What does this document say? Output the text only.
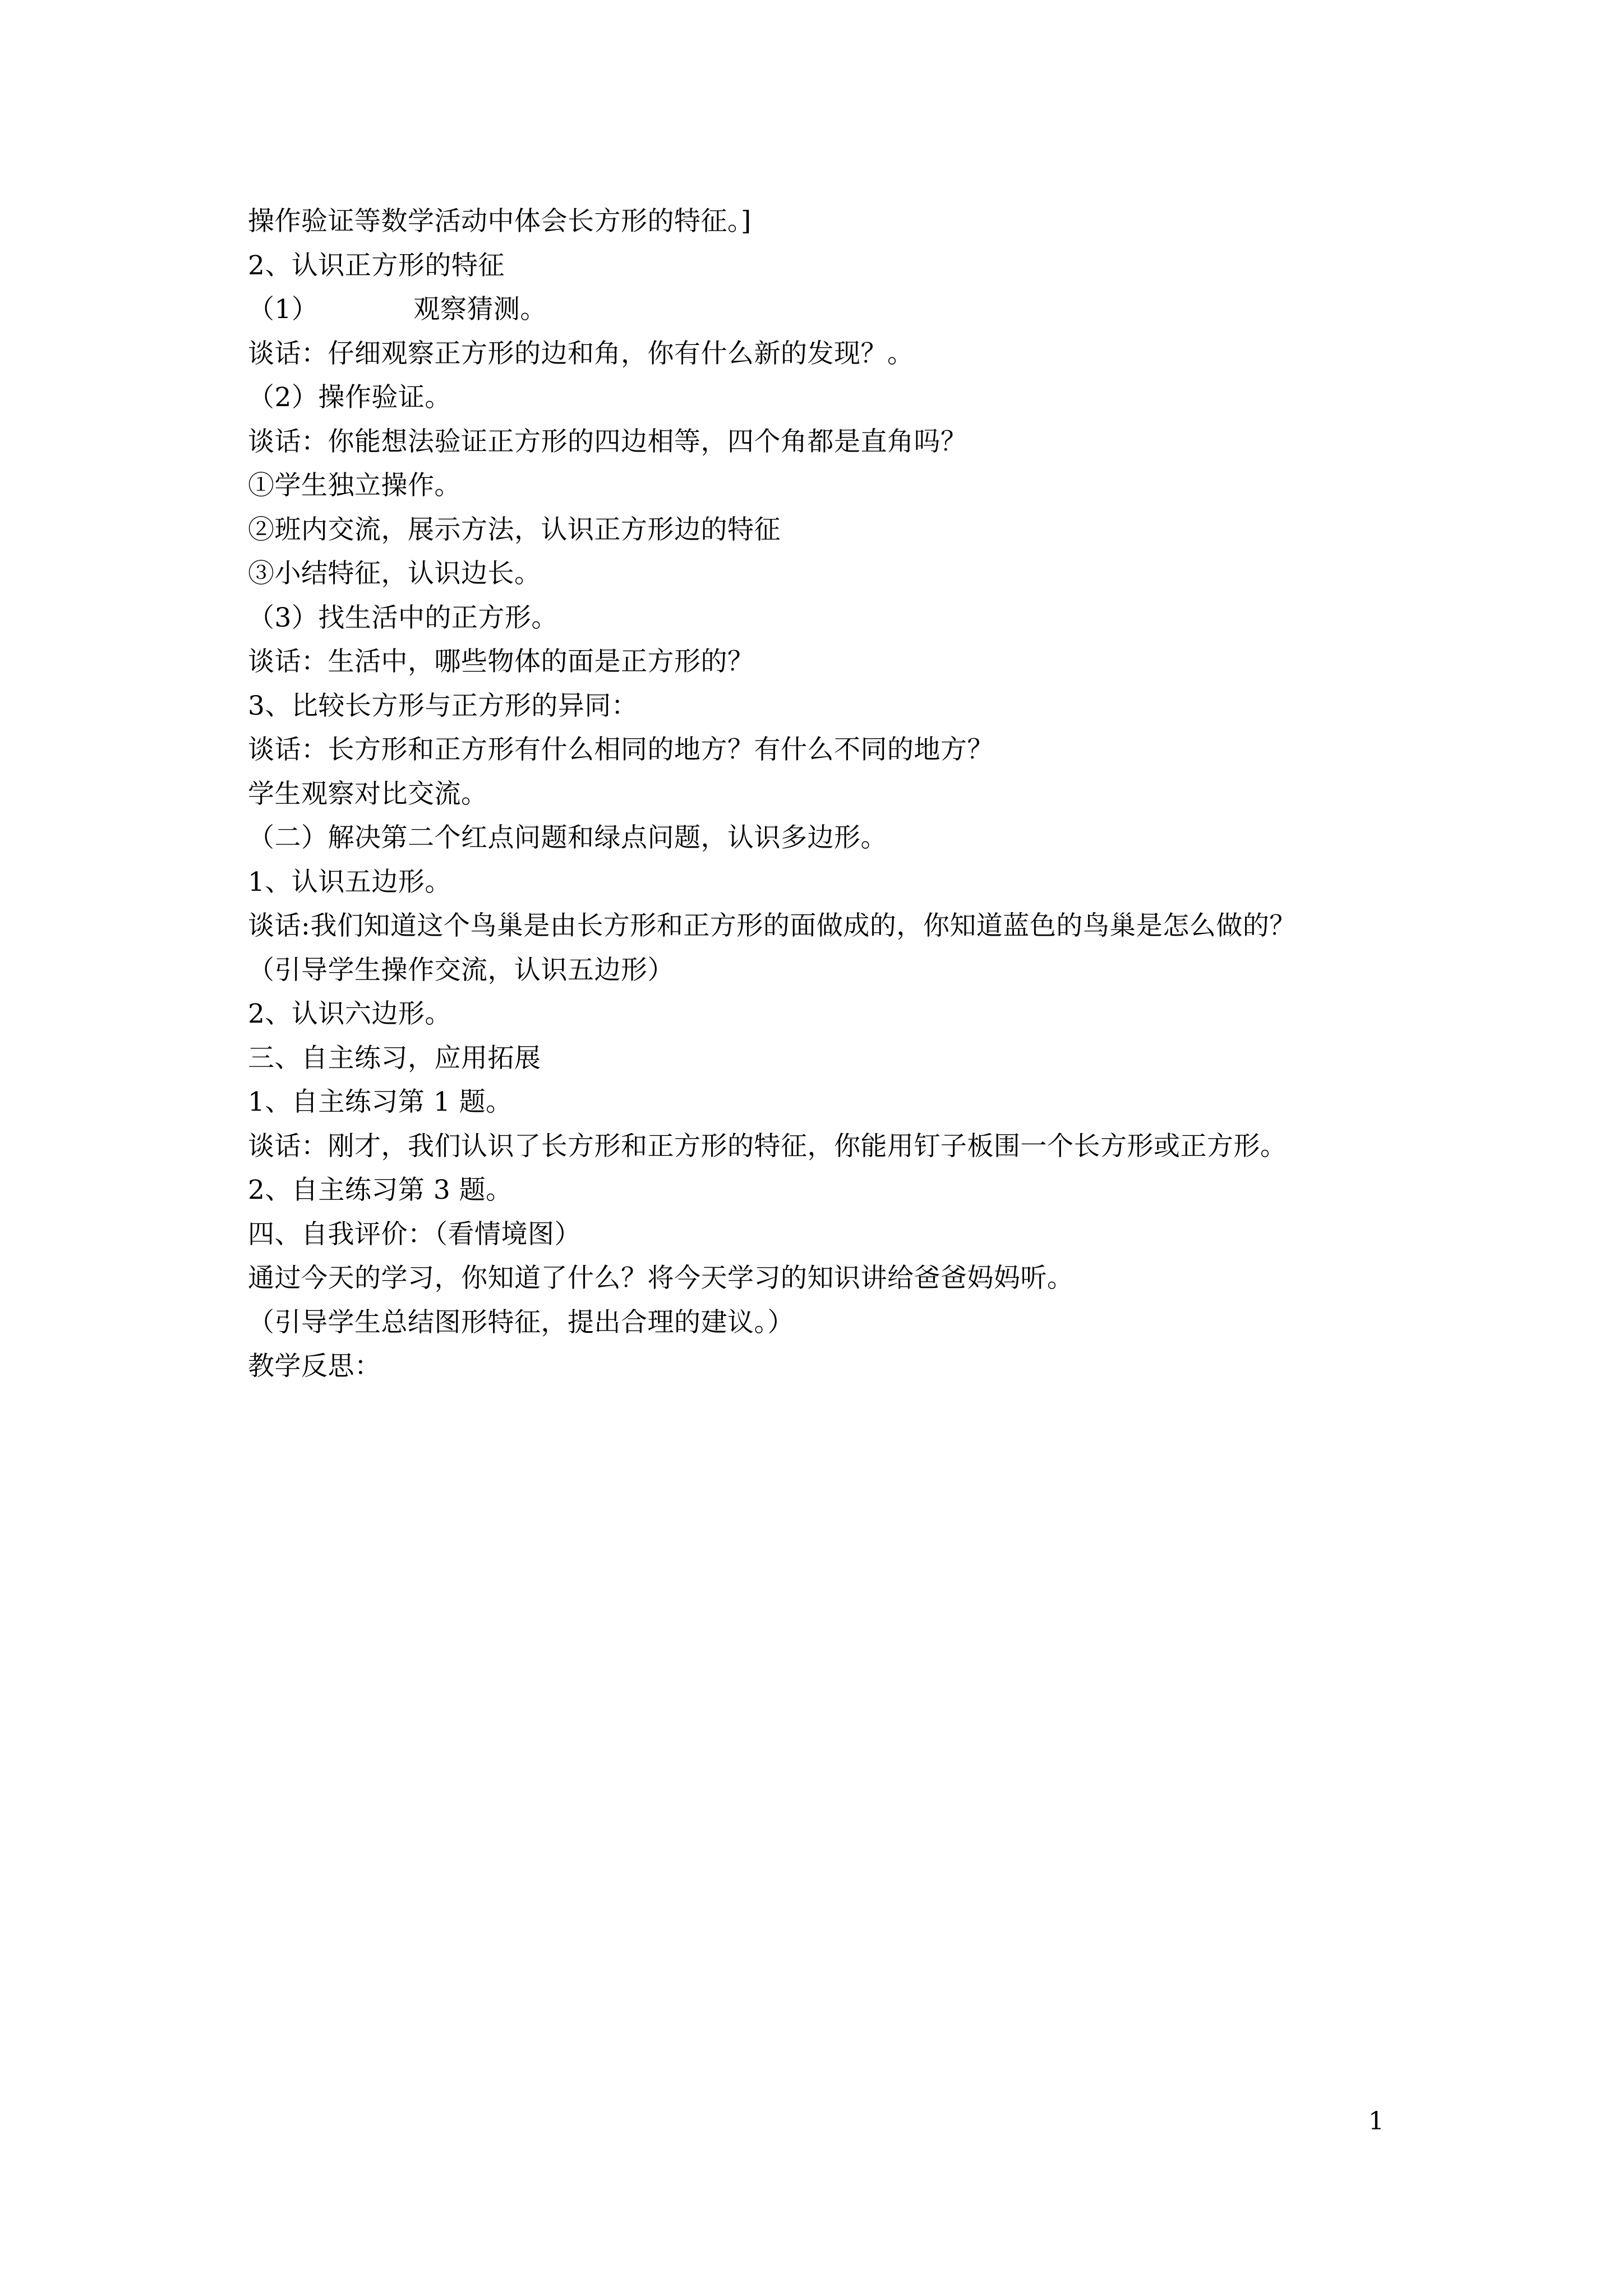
操作验证等数学活动中体会长方形的特征。]
2、认识正方形的特征
（1）	观察猜测。
谈话：仔细观察正方形的边和角，你有什么新的发现？。
（2）操作验证。
谈话：你能想法验证正方形的四边相等，四个角都是直角吗？
①学生独立操作。
②班内交流，展示方法，认识正方形边的特征
③小结特征，认识边长。
（3）找生活中的正方形。
谈话：生活中，哪些物体的面是正方形的？
3、比较长方形与正方形的异同：
谈话：长方形和正方形有什么相同的地方？有什么不同的地方？
学生观察对比交流。
（二）解决第二个红点问题和绿点问题，认识多边形。
1、认识五边形。
谈话:我们知道这个鸟巢是由长方形和正方形的面做成的，你知道蓝色的鸟巢是怎么做的？
（引导学生操作交流，认识五边形）
2、认识六边形。
三、自主练习，应用拓展
1、自主练习第 1 题。
谈话：刚才，我们认识了长方形和正方形的特征，你能用钉子板围一个长方形或正方形。
2、自主练习第 3 题。
四、自我评价：（看情境图）
通过今天的学习，你知道了什么？将今天学习的知识讲给爸爸妈妈听。
（引导学生总结图形特征，提出合理的建议。）
教学反思：
1
